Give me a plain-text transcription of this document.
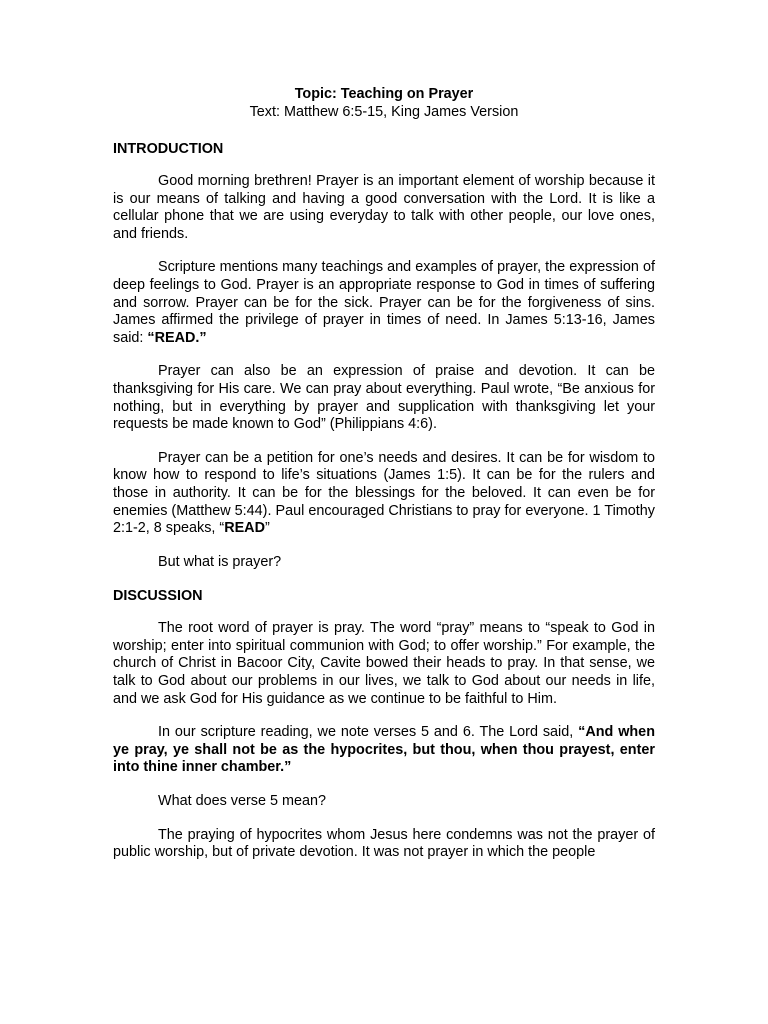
Topic: Teaching on Prayer

Text: Matthew 6:5-15, King James Version

INTRODUCTION

Good morning brethren! Prayer is an important element of worship because it is our means of talking and having a good conversation with the Lord. It is like a cellular phone that we are using everyday to talk with other people, our love ones, and friends.

Scripture mentions many teachings and examples of prayer, the expression of deep feelings to God. Prayer is an appropriate response to God in times of suffering and sorrow. Prayer can be for the sick. Prayer can be for the forgiveness of sins. James affirmed the privilege of prayer in times of need. In James 5:13-16, James said: “READ.”

Prayer can also be an expression of praise and devotion. It can be thanksgiving for His care. We can pray about everything. Paul wrote, “Be anxious for nothing, but in everything by prayer and supplication with thanksgiving let your requests be made known to God” (Philippians 4:6).

Prayer can be a petition for one’s needs and desires. It can be for wisdom to know how to respond to life’s situations (James 1:5). It can be for the rulers and those in authority. It can be for the blessings for the beloved. It can even be for enemies (Matthew 5:44). Paul encouraged Christians to pray for everyone. 1 Timothy 2:1-2, 8 speaks, “READ”

But what is prayer?

DISCUSSION

The root word of prayer is pray. The word “pray” means to “speak to God in worship; enter into spiritual communion with God; to offer worship.” For example, the church of Christ in Bacoor City, Cavite bowed their heads to pray. In that sense, we talk to God about our problems in our lives, we talk to God about our needs in life, and we ask God for His guidance as we continue to be faithful to Him.

In our scripture reading, we note verses 5 and 6. The Lord said, “And when ye pray, ye shall not be as the hypocrites, but thou, when thou prayest, enter into thine inner chamber.”

What does verse 5 mean?

The praying of hypocrites whom Jesus here condemns was not the prayer of public worship, but of private devotion. It was not prayer in which the people
